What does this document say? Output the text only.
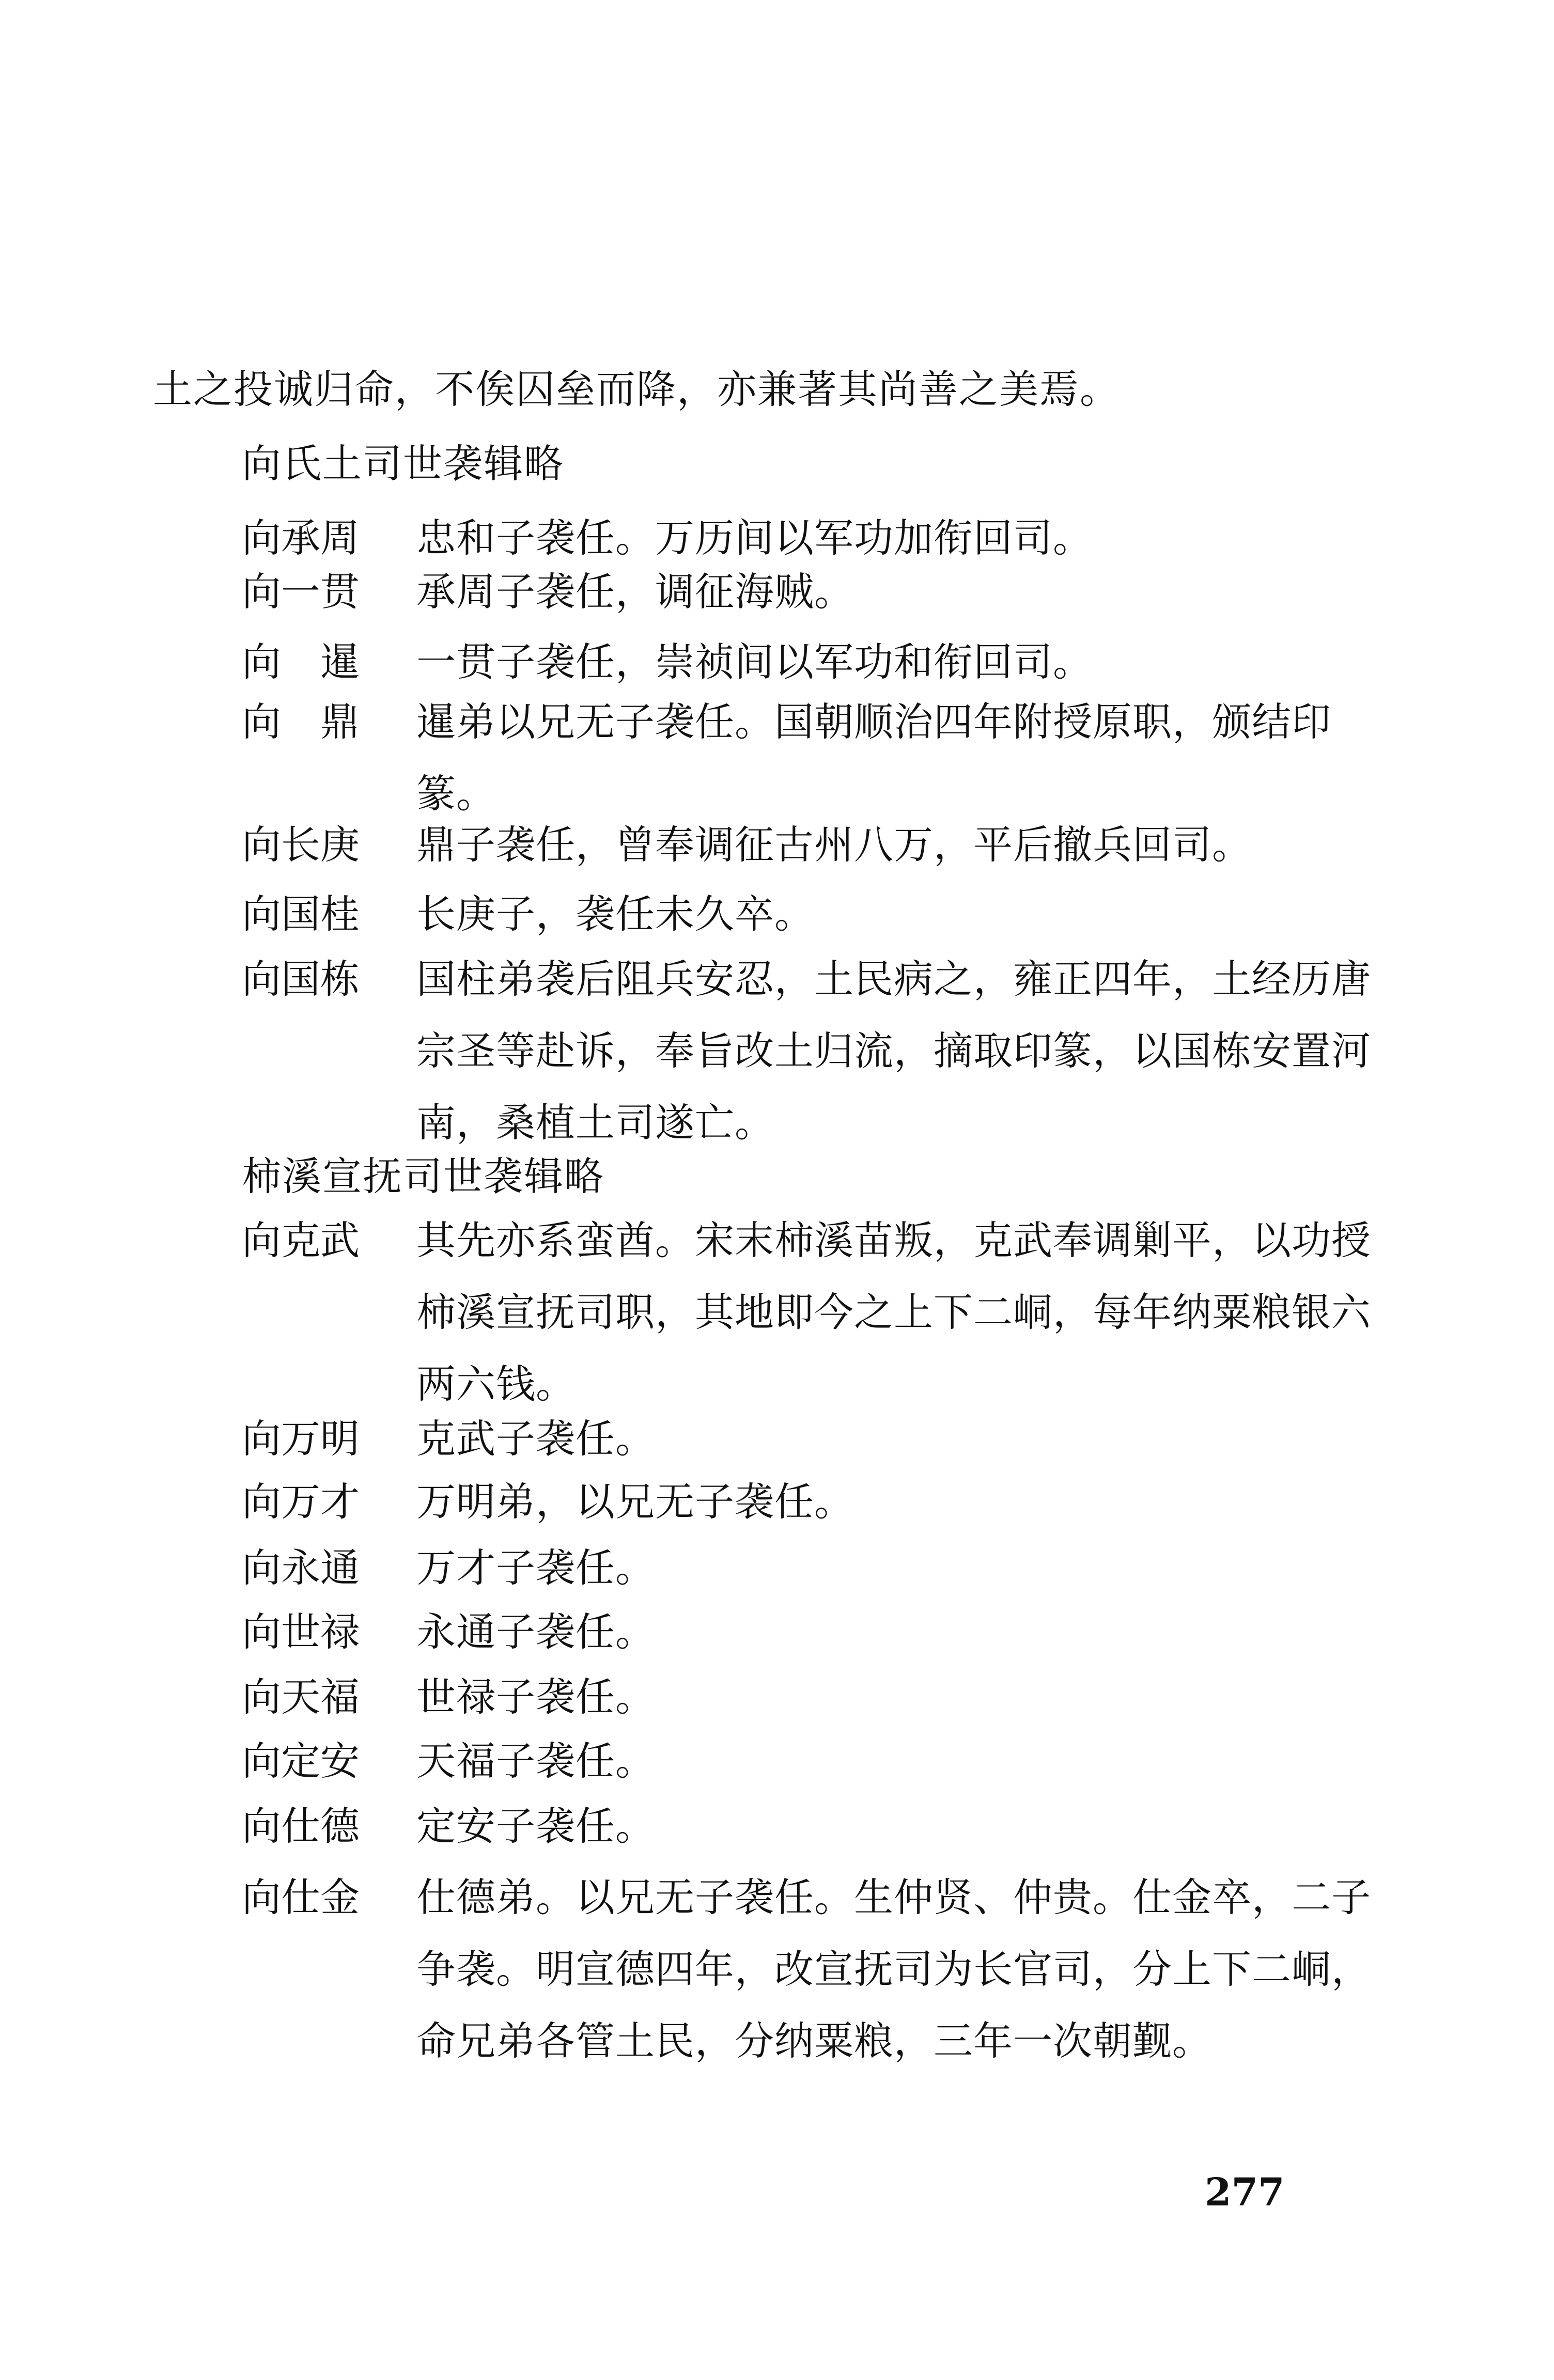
土之投诚归命，不俟囚垒而降，亦兼著其尚善之美焉。
向氏土司世袭辑略
向承周 忠和子袭任。万历间以军功加衔回司。
向一贯 承周子袭任，调征海贼。
向　暹 一贯子袭任，崇祯间以军功和衔回司。
向　鼎 暹弟以兄无子袭任。国朝顺治四年附授原职，颁结印篆。
向长庚 鼎子袭任，曾奉调征古州八万，平后撤兵回司。
向国桂 长庚子，袭任未久卒。
向国栋 国柱弟袭后阻兵安忍，土民病之，雍正四年，土经历唐宗圣等赴诉，奉旨改土归流，摘取印篆，以国栋安置河南，桑植土司遂亡。
柿溪宣抚司世袭辑略
向克武 其先亦系蛮酋。宋末柿溪苗叛，克武奉调剿平，以功授柿溪宣抚司职，其地即今之上下二峒，每年纳粟粮银六两六钱。
向万明 克武子袭任。
向万才 万明弟，以兄无子袭任。
向永通 万才子袭任。
向世禄 永通子袭任。
向天福 世禄子袭任。
向定安 天福子袭任。
向仕德 定安子袭任。
向仕金 仕德弟。以兄无子袭任。生仲贤、仲贵。仕金卒，二子争袭。明宣德四年，改宣抚司为长官司，分上下二峒，命兄弟各管土民，分纳粟粮，三年一次朝觐。
277
